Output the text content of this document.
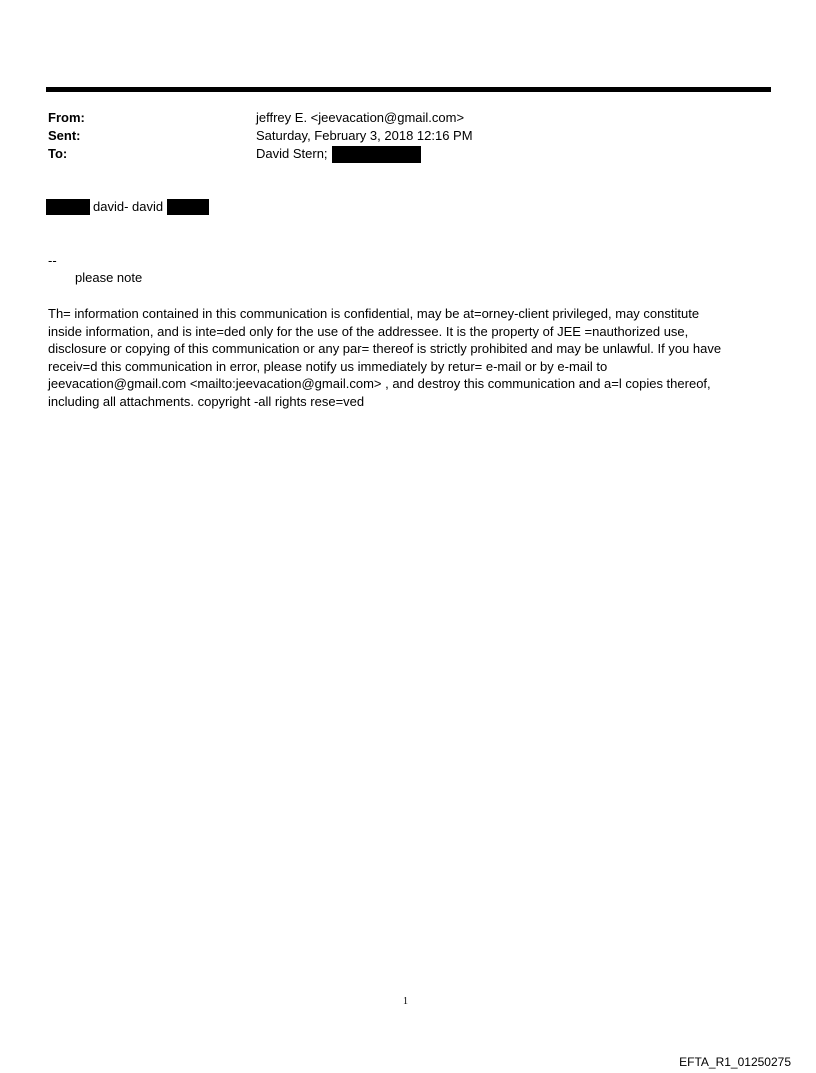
From:	jeffrey E. <jeevacation@gmail.com>
Sent:	Saturday, February 3, 2018 12:16 PM
To:	David Stern;
david- david
--
please note

Th= information contained in this communication is confidential, may be at=orney-client privileged, may constitute
inside information, and is inte=ded only for the use of the addressee. It is the property of JEE =nauthorized use,
disclosure or copying of this communication or any par= thereof is strictly prohibited and may be unlawful. If you have
receiv=d this communication in error, please notify us immediately by retur= e-mail or by e-mail to
jeevacation@gmail.com <mailto:jeevacation@gmail.com> , and destroy this communication and a=l copies thereof,
including all attachments. copyright -all rights rese=ved

1
EFTA_R1_01250275
